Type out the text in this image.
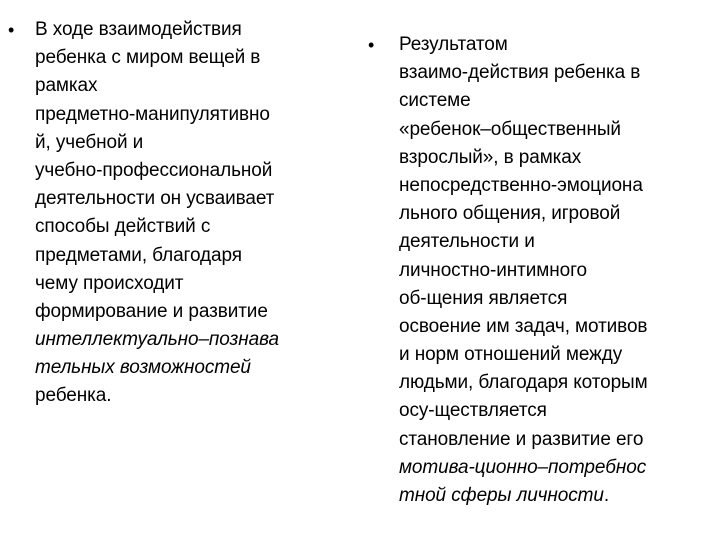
• В ходе взаимодействия
ребенка с миром вещей в
рамках
предметно-манипулятивно
й, учебной и
учебно-профессиональной
деятельности он усваивает
способы действий с
предметами, благодаря
чему происходит
формирование и развитие
интеллектуально–познава
тельных возможностей
ребенка.
• Результатом
взаимо-действия ребенка в
системе
«ребенок–общественный
взрослый», в рамках
непосредственно-эмоциона
льного общения, игровой
деятельности и
личностно-интимного
об-щения является
освоение им задач, мотивов
и норм отношений между
людьми, благодаря которым
осу-ществляется
становление и развитие его
мотива-ционно–потребнос
тной сферы личности.
